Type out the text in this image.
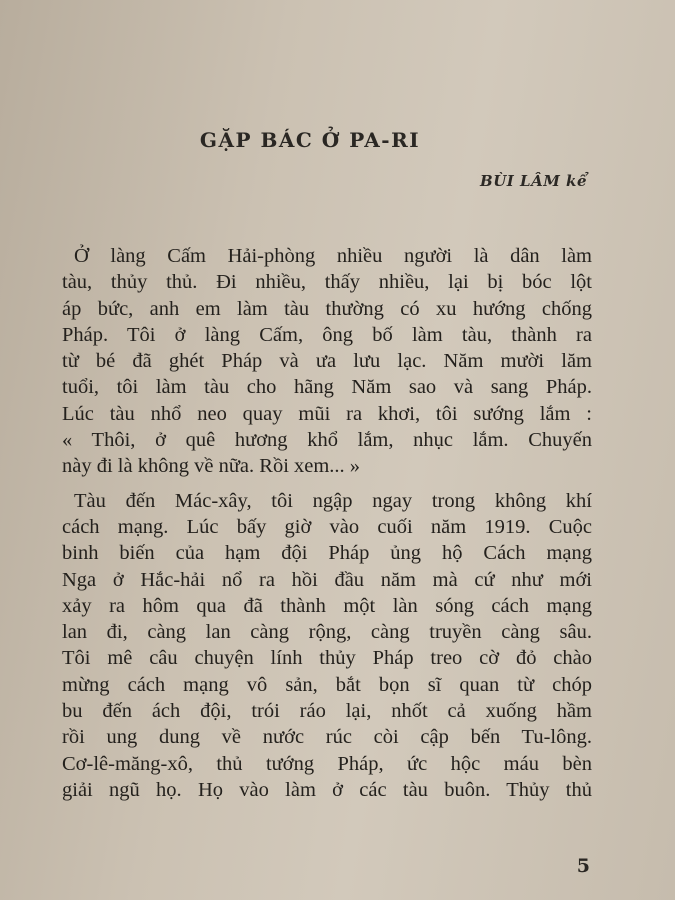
GẶP BÁC Ở PA-RI
BÙI LÂM kể
Ở làng Cấm Hải-phòng nhiều người là dân làm
tàu, thủy thủ. Đi nhiều, thấy nhiều, lại bị bóc lột
áp bức, anh em làm tàu thường có xu hướng chống
Pháp. Tôi ở làng Cấm, ông bố làm tàu, thành ra
từ bé đã ghét Pháp và ưa lưu lạc. Năm mười lăm
tuổi, tôi làm tàu cho hãng Năm sao và sang Pháp.
Lúc tàu nhổ neo quay mũi ra khơi, tôi sướng lắm :
« Thôi, ở quê hương khổ lắm, nhục lắm. Chuyến
này đi là không về nữa. Rồi xem... »
Tàu đến Mác-xây, tôi ngập ngay trong không khí
cách mạng. Lúc bấy giờ vào cuối năm 1919. Cuộc
binh biến của hạm đội Pháp ủng hộ Cách mạng
Nga ở Hắc-hải nổ ra hồi đầu năm mà cứ như mới
xảy ra hôm qua đã thành một làn sóng cách mạng
lan đi, càng lan càng rộng, càng truyền càng sâu.
Tôi mê câu chuyện lính thủy Pháp treo cờ đỏ chào
mừng cách mạng vô sản, bắt bọn sĩ quan từ chóp
bu đến ách đội, trói ráo lại, nhốt cả xuống hầm
rồi ung dung về nước rúc còi cập bến Tu-lông.
Cơ-lê-măng-xô, thủ tướng Pháp, ức hộc máu bèn
giải ngũ họ. Họ vào làm ở các tàu buôn. Thủy thủ
5
